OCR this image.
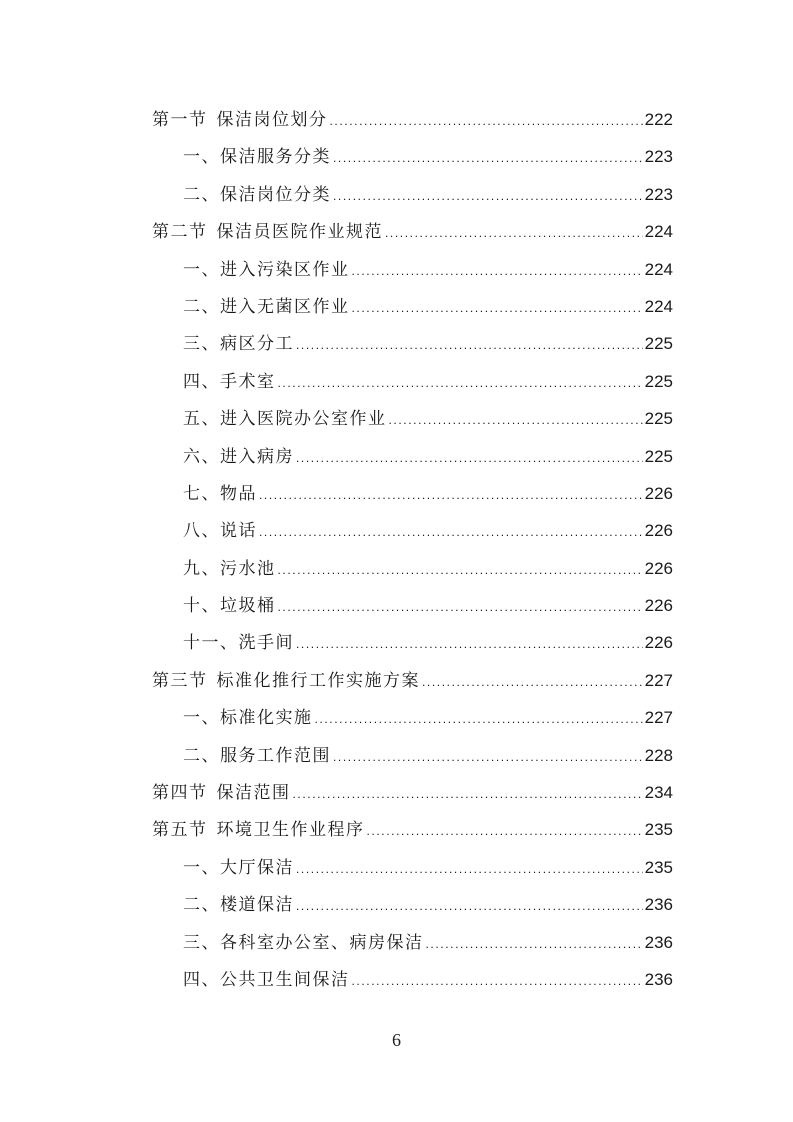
第一节 保洁岗位划分 .....	222
一、保洁服务分类 .....	223
二、保洁岗位分类 .....	223
第二节 保洁员医院作业规范 .....	224
一、进入污染区作业 .....	224
二、进入无菌区作业 .....	224
三、病区分工 .....	225
四、手术室 .....	225
五、进入医院办公室作业 .....	225
六、进入病房 .....	225
七、物品 .....	226
八、说话 .....	226
九、污水池 .....	226
十、垃圾桶 .....	226
十一、洗手间 .....	226
第三节 标准化推行工作实施方案 .....	227
一、标准化实施 .....	227
二、服务工作范围 .....	228
第四节 保洁范围 .....	234
第五节 环境卫生作业程序 .....	235
一、大厅保洁 .....	235
二、楼道保洁 .....	236
三、各科室办公室、病房保洁 .....	236
四、公共卫生间保洁 .....	236
6
